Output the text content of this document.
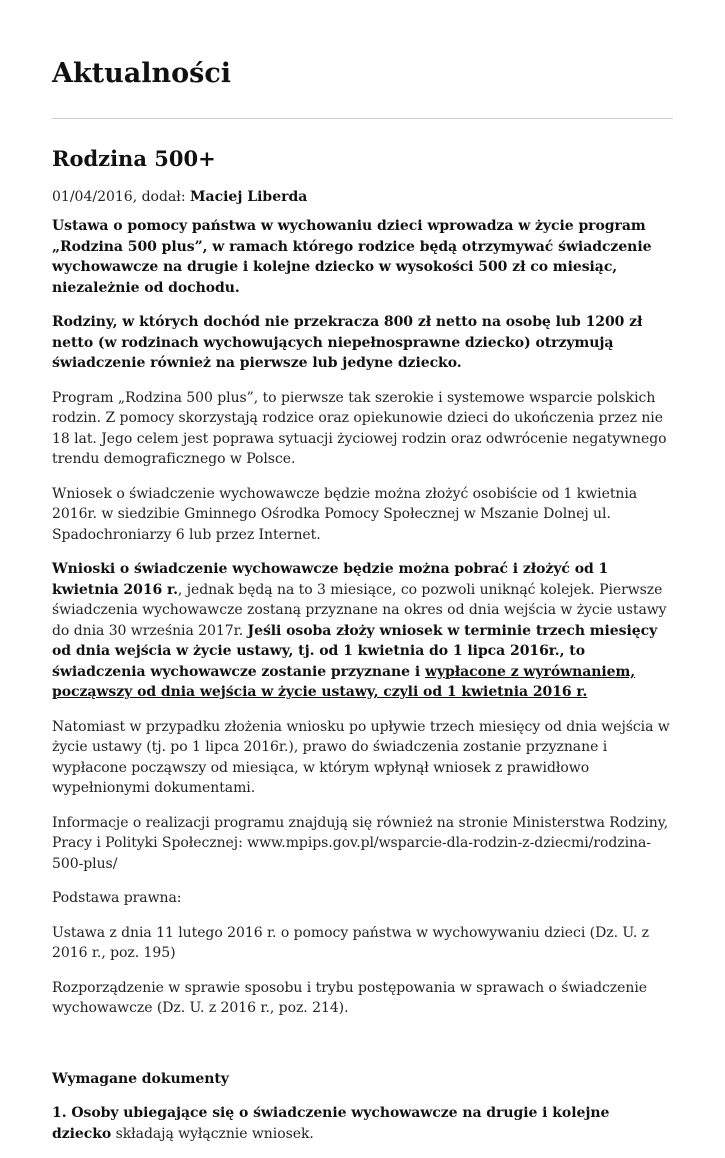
Aktualności
Rodzina 500+
01/04/2016, dodał: Maciej Liberda

Ustawa o pomocy państwa w wychowaniu dzieci wprowadza w życie program „Rodzina 500 plus”, w ramach którego rodzice będą otrzymywać świadczenie wychowawcze na drugie i kolejne dziecko w wysokości 500 zł co miesiąc, niezależnie od dochodu.

Rodziny, w których dochód nie przekracza 800 zł netto na osobę lub 1200 zł netto (w rodzinach wychowujących niepełnosprawne dziecko) otrzymują świadczenie również na pierwsze lub jedyne dziecko.

Program „Rodzina 500 plus”, to pierwsze tak szerokie i systemowe wsparcie polskich rodzin. Z pomocy skorzystają rodzice oraz opiekunowie dzieci do ukończenia przez nie 18 lat. Jego celem jest poprawa sytuacji życiowej rodzin oraz odwrócenie negatywnego trendu demograficznego w Polsce.

Wniosek o świadczenie wychowawcze będzie można złożyć osobiście od 1 kwietnia 2016r. w siedzibie Gminnego Ośrodka Pomocy Społecznej w Mszanie Dolnej ul. Spadochroniarzy 6 lub przez Internet.

Wnioski o świadczenie wychowawcze będzie można pobrać i złożyć od 1 kwietnia 2016 r., jednak będą na to 3 miesiące, co pozwoli uniknąć kolejek. Pierwsze świadczenia wychowawcze zostaną przyznane na okres od dnia wejścia w życie ustawy do dnia 30 września 2017r. Jeśli osoba złoży wniosek w terminie trzech miesięcy od dnia wejścia w życie ustawy, tj. od 1 kwietnia do 1 lipca 2016r., to świadczenia wychowawcze zostanie przyznane i wypłacone z wyrównaniem, począwszy od dnia wejścia w życie ustawy, czyli od 1 kwietnia 2016 r.

Natomiast w przypadku złożenia wniosku po upływie trzech miesięcy od dnia wejścia w życie ustawy (tj. po 1 lipca 2016r.), prawo do świadczenia zostanie przyznane i wypłacone począwszy od miesiąca, w którym wpłynął wniosek z prawidłowo wypełnionymi dokumentami.

Informacje o realizacji programu znajdują się również na stronie Ministerstwa Rodziny, Pracy i Polityki Społecznej: www.mpips.gov.pl/wsparcie-dla-rodzin-z-dziecmi/rodzina-500-plus/

Podstawa prawna:

Ustawa z dnia 11 lutego 2016 r. o pomocy państwa w wychowywaniu dzieci (Dz. U. z 2016 r., poz. 195)

Rozporządzenie w sprawie sposobu i trybu postępowania w sprawach o świadczenie wychowawcze (Dz. U. z 2016 r., poz. 214).

Wymagane dokumenty

1. Osoby ubiegające się o świadczenie wychowawcze na drugie i kolejne dziecko składają wyłącznie wniosek.
